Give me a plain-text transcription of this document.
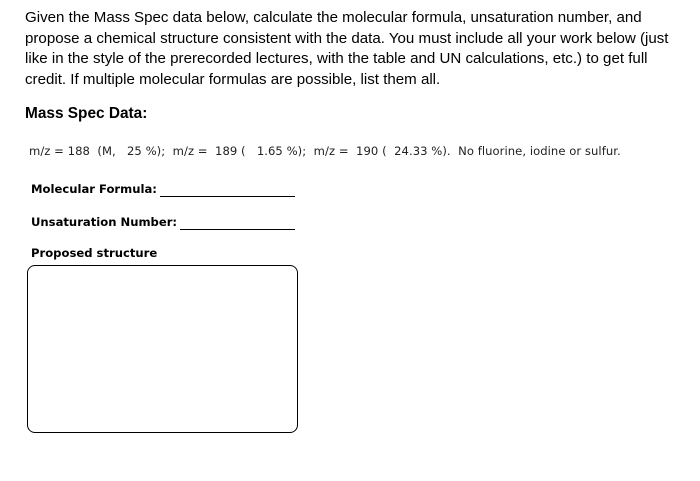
Given the Mass Spec data below, calculate the molecular formula, unsaturation number, and propose a chemical structure consistent with the data. You must include all your work below (just like in the style of the prerecorded lectures, with the table and UN calculations, etc.) to get full credit. If multiple molecular formulas are possible, list them all.

Mass Spec Data:

m/z = 188  (M,   25 %);  m/z =  189 (   1.65 %);  m/z =  190 (  24.33 %).  No fluorine, iodine or sulfur.
Molecular Formula:
Unsaturation Number:
Proposed structure
